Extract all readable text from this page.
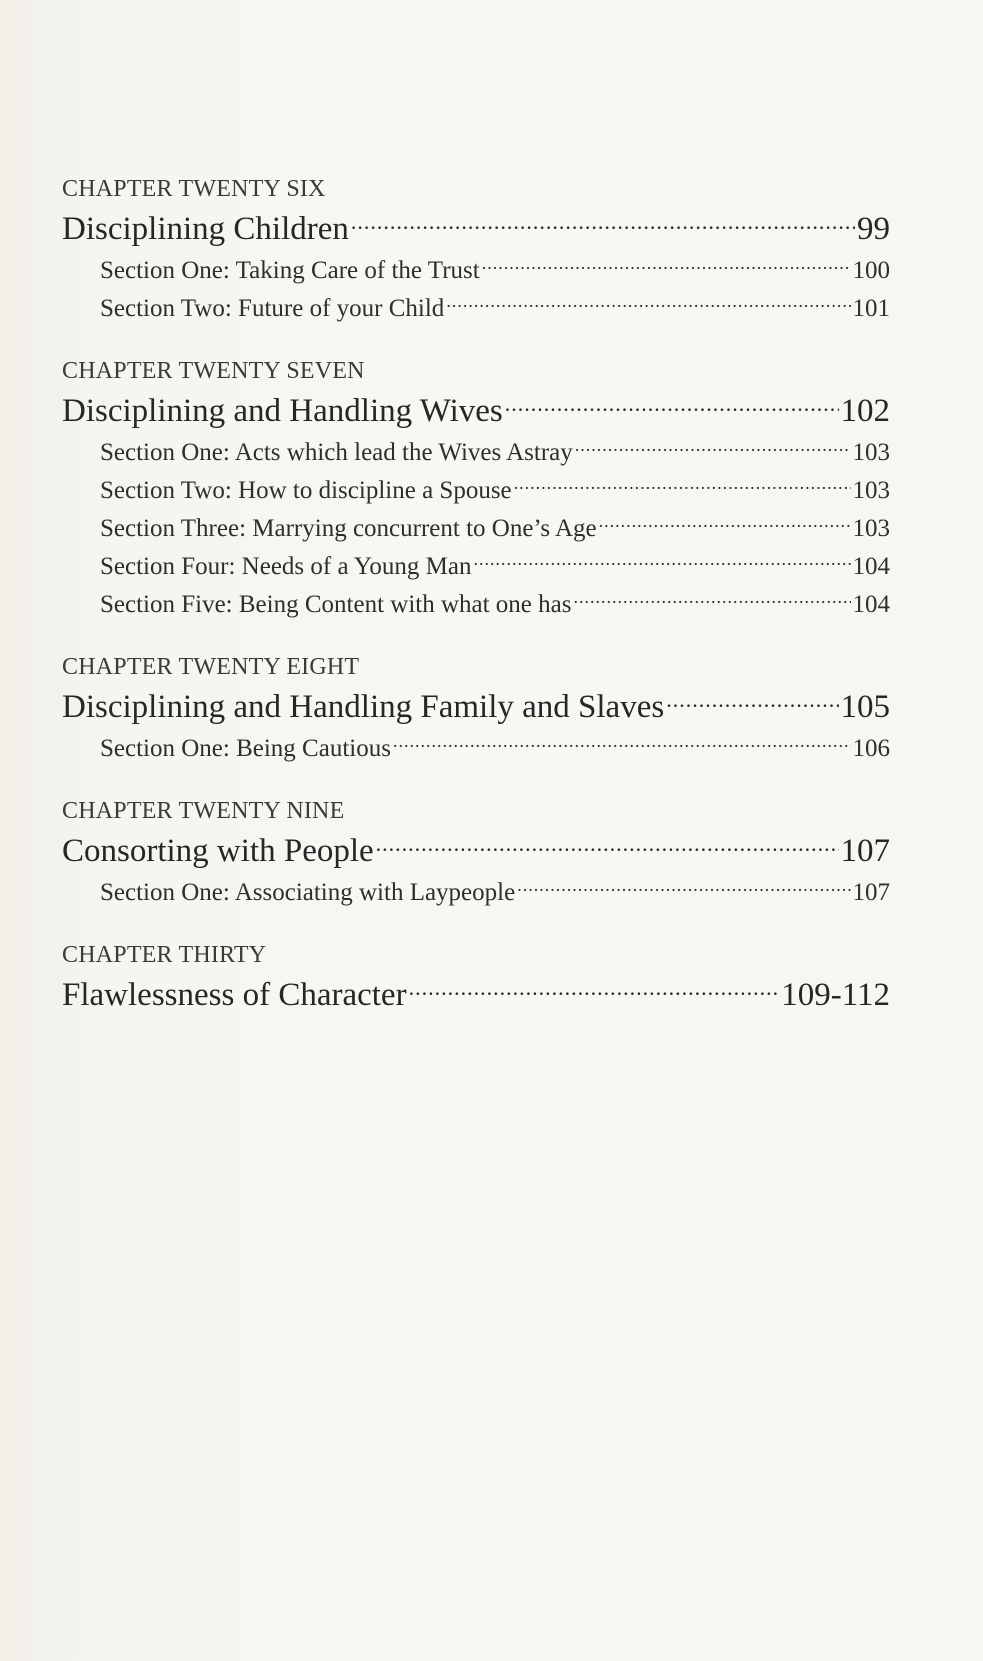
CHAPTER TWENTY SIX
Disciplining Children .....	99
Section One: Taking Care of the Trust .....	100
Section Two: Future of your Child .....	101
CHAPTER TWENTY SEVEN
Disciplining and Handling Wives .....	102
Section One: Acts which lead the Wives Astray .....	103
Section Two: How to discipline a Spouse .....	103
Section Three: Marrying concurrent to One’s Age .....	103
Section Four: Needs of a Young Man .....	104
Section Five: Being Content with what one has .....	104
CHAPTER TWENTY EIGHT
Disciplining and Handling Family and Slaves .....	105
Section One: Being Cautious .....	106
CHAPTER TWENTY NINE
Consorting with People .....	107
Section One: Associating with Laypeople .....	107
CHAPTER THIRTY
Flawlessness of Character .....	109-112
